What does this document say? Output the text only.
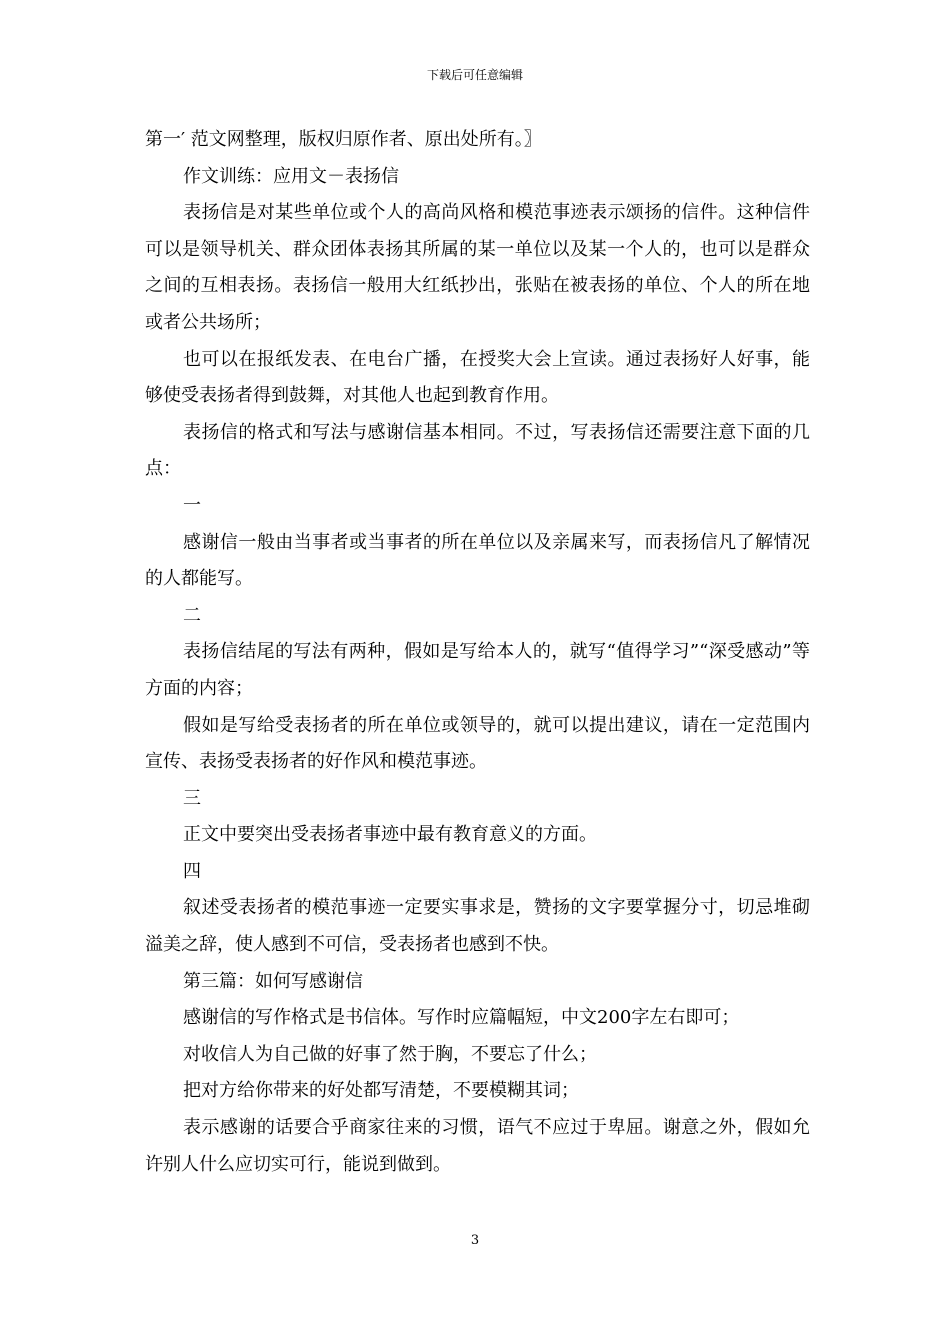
下载后可任意编辑

第一′ 范文网整理，版权归原作者、原出处所有。〗

作文训练：应用文－表扬信

表扬信是对某些单位或个人的高尚风格和模范事迹表示颂扬的信件。这种信件可以是领导机关、群众团体表扬其所属的某一单位以及某一个人的，也可以是群众之间的互相表扬。表扬信一般用大红纸抄出，张贴在被表扬的单位、个人的所在地或者公共场所；

也可以在报纸发表、在电台广播，在授奖大会上宣读。通过表扬好人好事，能够使受表扬者得到鼓舞，对其他人也起到教育作用。

表扬信的格式和写法与感谢信基本相同。不过，写表扬信还需要注意下面的几点：

一

感谢信一般由当事者或当事者的所在单位以及亲属来写，而表扬信凡了解情况的人都能写。

二

表扬信结尾的写法有两种，假如是写给本人的，就写“值得学习”“深受感动”等方面的内容；

假如是写给受表扬者的所在单位或领导的，就可以提出建议，请在一定范围内宣传、表扬受表扬者的好作风和模范事迹。

三

正文中要突出受表扬者事迹中最有教育意义的方面。

四

叙述受表扬者的模范事迹一定要实事求是，赞扬的文字要掌握分寸，切忌堆砌溢美之辞，使人感到不可信，受表扬者也感到不快。

第三篇：如何写感谢信

感谢信的写作格式是书信体。写作时应篇幅短，中文200字左右即可；

对收信人为自己做的好事了然于胸，不要忘了什么；

把对方给你带来的好处都写清楚，不要模糊其词；

表示感谢的话要合乎商家往来的习惯，语气不应过于卑屈。谢意之外，假如允许别人什么应切实可行，能说到做到。

3
